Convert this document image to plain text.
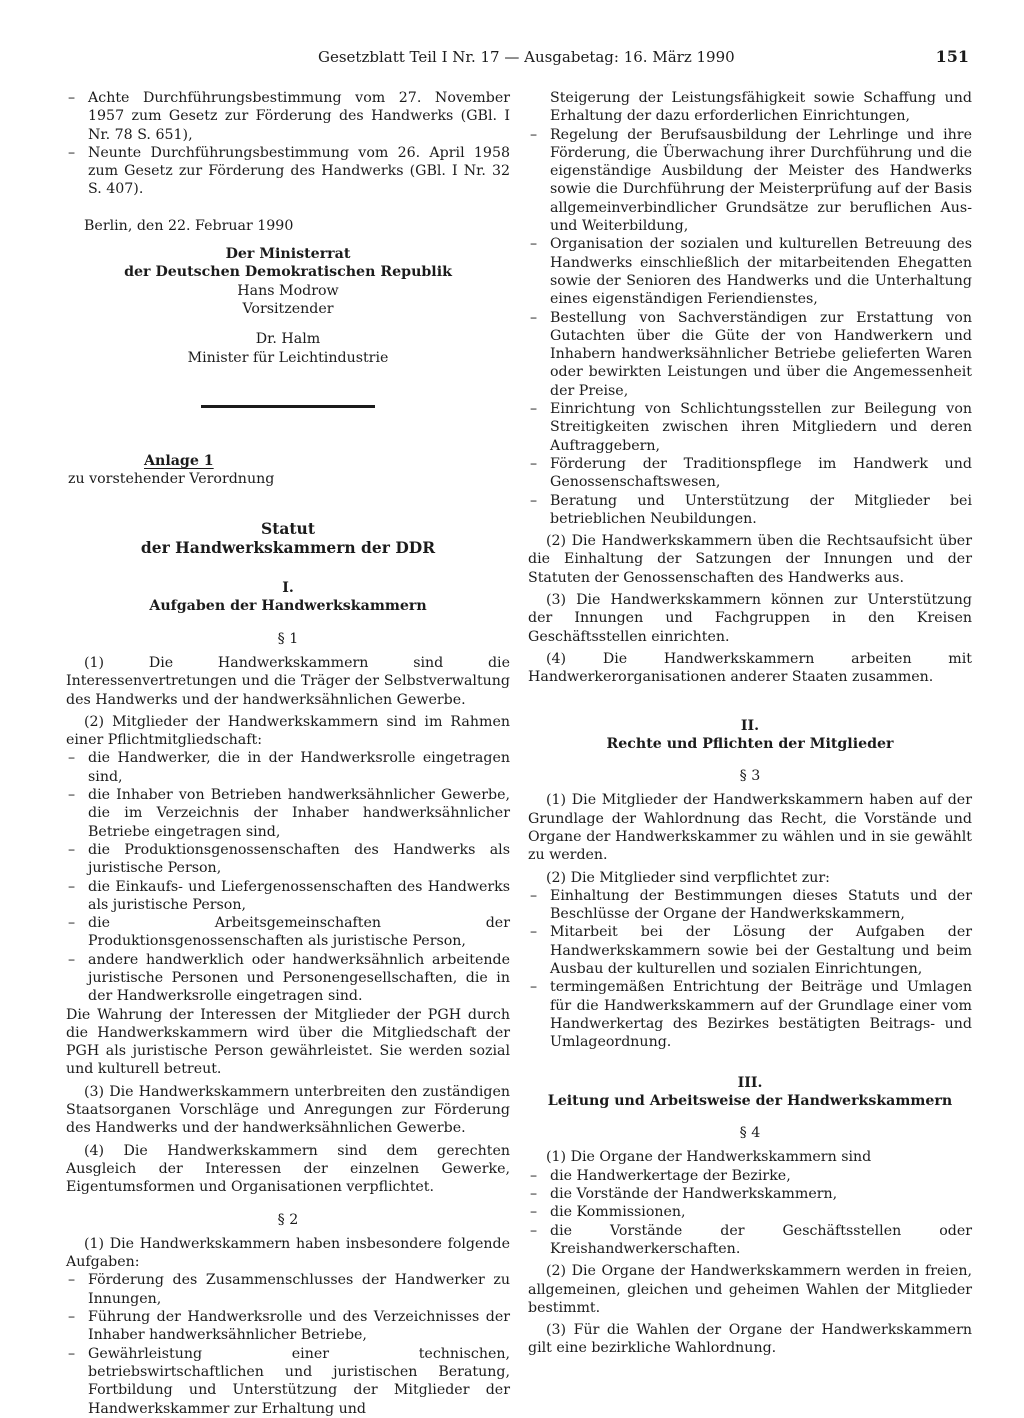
Gesetzblatt Teil I Nr. 17 — Ausgabetag: 16. März 1990	151

– Achte Durchführungsbestimmung vom 27. November 1957 zum Gesetz zur Förderung des Handwerks (GBl. I Nr. 78 S. 651),

– Neunte Durchführungsbestimmung vom 26. April 1958 zum Gesetz zur Förderung des Handwerks (GBl. I Nr. 32 S. 407).

Berlin, den 22. Februar 1990

Der Ministerrat

der Deutschen Demokratischen Republik

Hans Modrow

Vorsitzender

Dr. Halm

Minister für Leichtindustrie

Anlage 1

zu vorstehender Verordnung

Statut

der Handwerkskammern der DDR

I.

Aufgaben der Handwerkskammern

§ 1

(1) Die Handwerkskammern sind die Interessenvertretungen und die Träger der Selbstverwaltung des Handwerks und der handwerksähnlichen Gewerbe.

(2) Mitglieder der Handwerkskammern sind im Rahmen einer Pflichtmitgliedschaft:

– die Handwerker, die in der Handwerksrolle eingetragen sind,

– die Inhaber von Betrieben handwerksähnlicher Gewerbe, die im Verzeichnis der Inhaber handwerksähnlicher Betriebe eingetragen sind,

– die Produktionsgenossenschaften des Handwerks als juristische Person,

– die Einkaufs- und Liefergenossenschaften des Handwerks als juristische Person,

– die Arbeitsgemeinschaften der Produktionsgenossenschaften als juristische Person,

– andere handwerklich oder handwerksähnlich arbeitende juristische Personen und Personengesellschaften, die in der Handwerksrolle eingetragen sind.

Die Wahrung der Interessen der Mitglieder der PGH durch die Handwerkskammern wird über die Mitgliedschaft der PGH als juristische Person gewährleistet. Sie werden sozial und kulturell betreut.

(3) Die Handwerkskammern unterbreiten den zuständigen Staatsorganen Vorschläge und Anregungen zur Förderung des Handwerks und der handwerksähnlichen Gewerbe.

(4) Die Handwerkskammern sind dem gerechten Ausgleich der Interessen der einzelnen Gewerke, Eigentumsformen und Organisationen verpflichtet.

§ 2

(1) Die Handwerkskammern haben insbesondere folgende Aufgaben:

– Förderung des Zusammenschlusses der Handwerker zu Innungen,

– Führung der Handwerksrolle und des Verzeichnisses der Inhaber handwerksähnlicher Betriebe,

– Gewährleistung einer technischen, betriebswirtschaftlichen und juristischen Beratung, Fortbildung und Unterstützung der Mitglieder der Handwerkskammer zur Erhaltung und

Steigerung der Leistungsfähigkeit sowie Schaffung und Erhaltung der dazu erforderlichen Einrichtungen,

– Regelung der Berufsausbildung der Lehrlinge und ihre Förderung, die Überwachung ihrer Durchführung und die eigenständige Ausbildung der Meister des Handwerks sowie die Durchführung der Meisterprüfung auf der Basis allgemeinverbindlicher Grundsätze zur beruflichen Aus- und Weiterbildung,

– Organisation der sozialen und kulturellen Betreuung des Handwerks einschließlich der mitarbeitenden Ehegatten sowie der Senioren des Handwerks und die Unterhaltung eines eigenständigen Feriendienstes,

– Bestellung von Sachverständigen zur Erstattung von Gutachten über die Güte der von Handwerkern und Inhabern handwerksähnlicher Betriebe gelieferten Waren oder bewirkten Leistungen und über die Angemessenheit der Preise,

– Einrichtung von Schlichtungsstellen zur Beilegung von Streitigkeiten zwischen ihren Mitgliedern und deren Auftraggebern,

– Förderung der Traditionspflege im Handwerk und Genossenschaftswesen,

– Beratung und Unterstützung der Mitglieder bei betrieblichen Neubildungen.

(2) Die Handwerkskammern üben die Rechtsaufsicht über die Einhaltung der Satzungen der Innungen und der Statuten der Genossenschaften des Handwerks aus.

(3) Die Handwerkskammern können zur Unterstützung der Innungen und Fachgruppen in den Kreisen Geschäftsstellen einrichten.

(4) Die Handwerkskammern arbeiten mit Handwerkerorganisationen anderer Staaten zusammen.

II.

Rechte und Pflichten der Mitglieder

§ 3

(1) Die Mitglieder der Handwerkskammern haben auf der Grundlage der Wahlordnung das Recht, die Vorstände und Organe der Handwerkskammer zu wählen und in sie gewählt zu werden.

(2) Die Mitglieder sind verpflichtet zur:

– Einhaltung der Bestimmungen dieses Statuts und der Beschlüsse der Organe der Handwerkskammern,

– Mitarbeit bei der Lösung der Aufgaben der Handwerkskammern sowie bei der Gestaltung und beim Ausbau der kulturellen und sozialen Einrichtungen,

– termingemäßen Entrichtung der Beiträge und Umlagen für die Handwerkskammern auf der Grundlage einer vom Handwerkertag des Bezirkes bestätigten Beitrags- und Umlageordnung.

III.

Leitung und Arbeitsweise der Handwerkskammern

§ 4

(1) Die Organe der Handwerkskammern sind

– die Handwerkertage der Bezirke,

– die Vorstände der Handwerkskammern,

– die Kommissionen,

– die Vorstände der Geschäftsstellen oder Kreishandwerkerschaften.

(2) Die Organe der Handwerkskammern werden in freien, allgemeinen, gleichen und geheimen Wahlen der Mitglieder bestimmt.

(3) Für die Wahlen der Organe der Handwerkskammern gilt eine bezirkliche Wahlordnung.
